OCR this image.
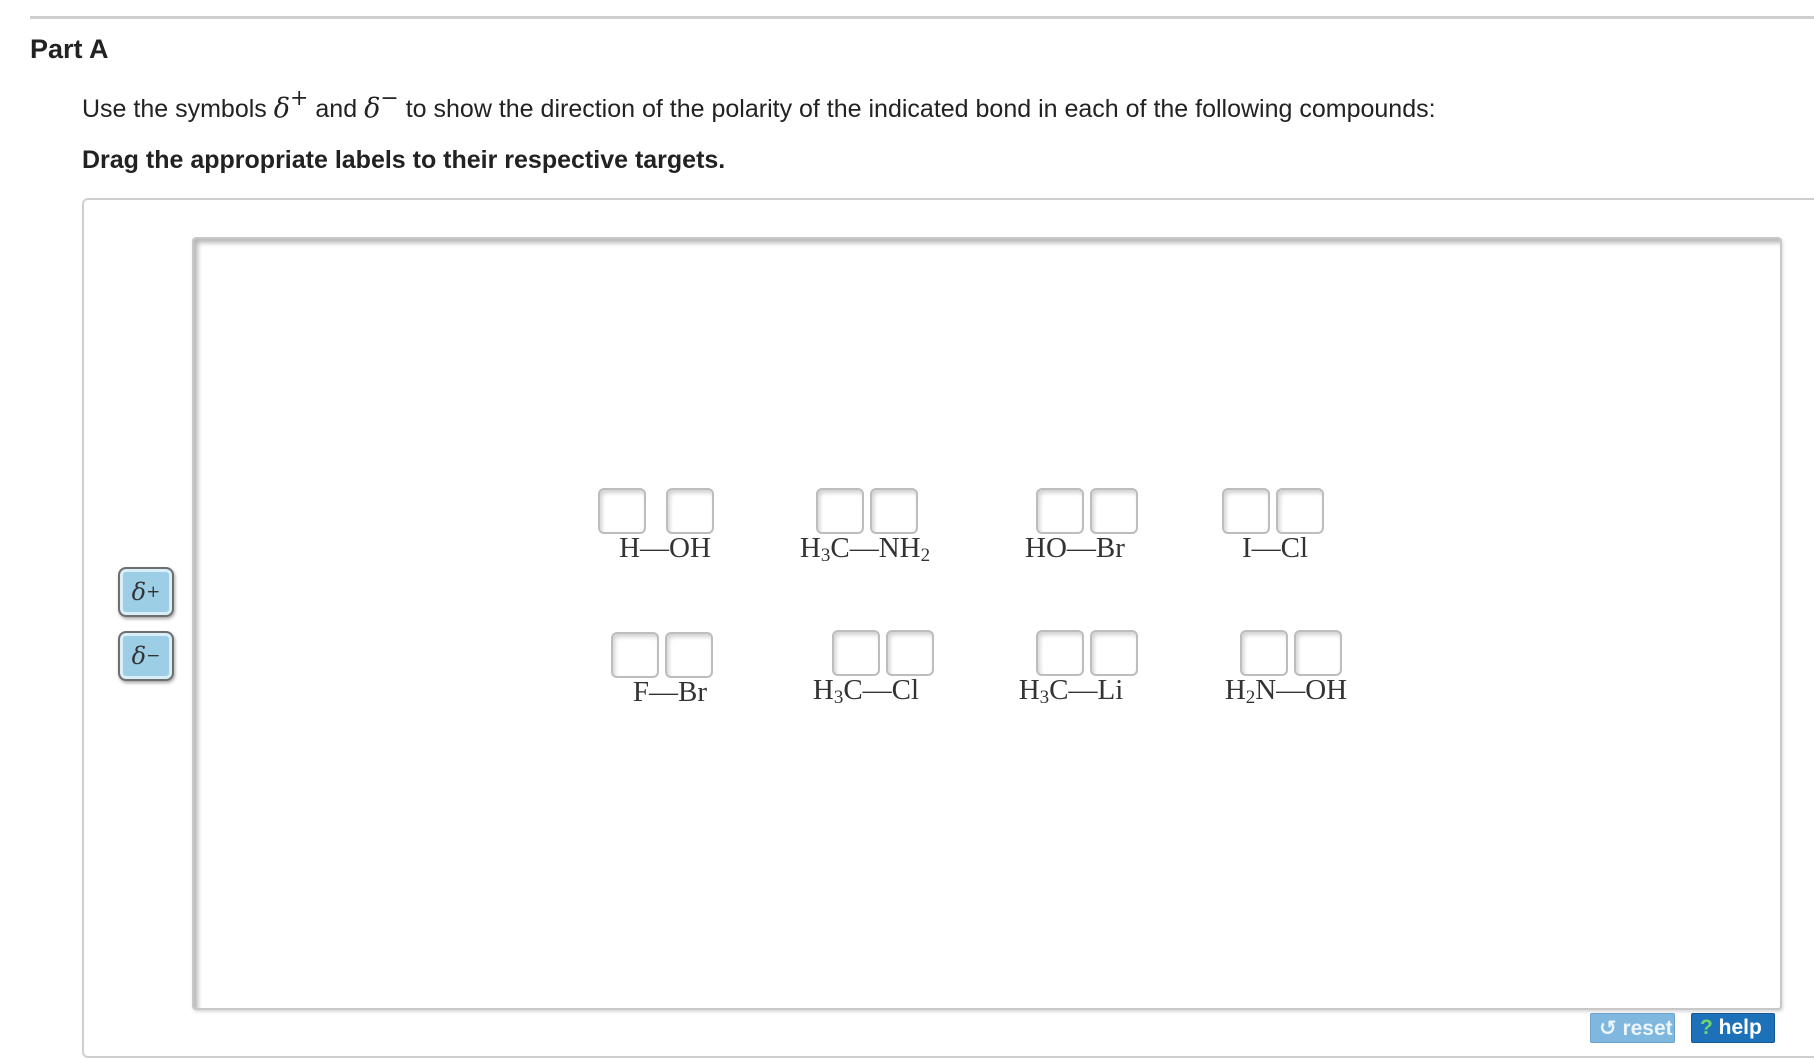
Part A
Use the symbols δ+ and δ− to show the direction of the polarity of the indicated bond in each of the following compounds:
Drag the appropriate labels to their respective targets.
δ +
δ −
H—OH	$H_3C—NH_2$	HO—Br	I—Cl
F—Br	$H_3C—Cl$	$H_3C—Li$	$H_2N—OH$
↺ reset	? help
